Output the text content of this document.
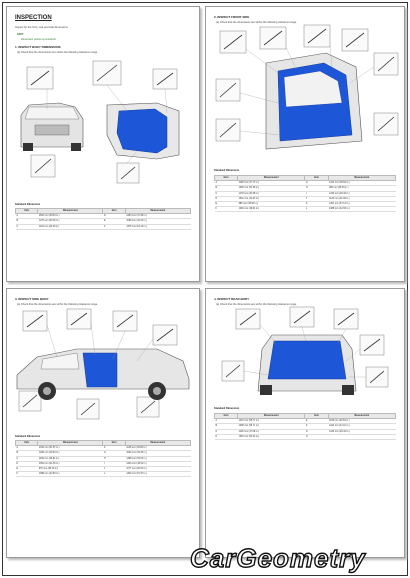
INSPECTION
Inspect for the front, rear and side dimensions
HINT:
Dimension points symmetrical
1. INSPECT BODY DIMENSIONS
(a) Check that the dimensions are within the following tolerance range.
Standard Dimension
Item	Measurement	Item	Measurement
A	1520 mm (59.84 in.)	D	1203 mm (47.36 in.)
B	1270 mm (50.00 in.)	E	1098 mm (43.23 in.)
C	1102 mm (43.39 in.)	F	1375 mm (54.13 in.)
2. INSPECT FRONT SIDE
(a) Check that the dimensions are within the following tolerance range.
Standard Dimension
Item	Measurement	Item	Measurement
A	1198 mm (47.17 in.)	G	1012 mm (39.84 in.)
B	1305 mm (51.38 in.)	H	905 mm (35.63 in.)
C	1178 mm (46.38 in.)	I	1230 mm (48.43 in.)
D	1042 mm (41.02 in.)	J	1120 mm (44.09 in.)
E	988 mm (38.90 in.)	K	1451 mm (57.13 in.)
F	1260 mm (49.61 in.)	L	1088 mm (42.83 in.)
3. INSPECT SIDE BODY
(a) Check that the dimensions are within the following tolerance range.
Standard Dimension
Item	Measurement	Item	Measurement
A	1310 mm (51.57 in.)	F	1145 mm (45.08 in.)
B	1266 mm (49.84 in.)	G	1002 mm (39.45 in.)
C	1189 mm (46.81 in.)	H	1398 mm (55.04 in.)
D	1054 mm (41.50 in.)	I	1233 mm (48.54 in.)
E	970 mm (38.19 in.)	J	1177 mm (46.34 in.)
K	1088 mm (42.83 in.)	L	1320 mm (51.97 in.)
4. INSPECT REAR BODY
(a) Check that the dimensions are within the following tolerance range.
Standard Dimension
Item	Measurement	Item	Measurement
A	1415 mm (55.71 in.)	E	1106 mm (43.54 in.)
B	1288 mm (50.71 in.)	F	1044 mm (41.10 in.)
C	1196 mm (47.09 in.)	G	1230 mm (48.43 in.)
D	1352 mm (53.23 in.)	H	-
CarGeometry
